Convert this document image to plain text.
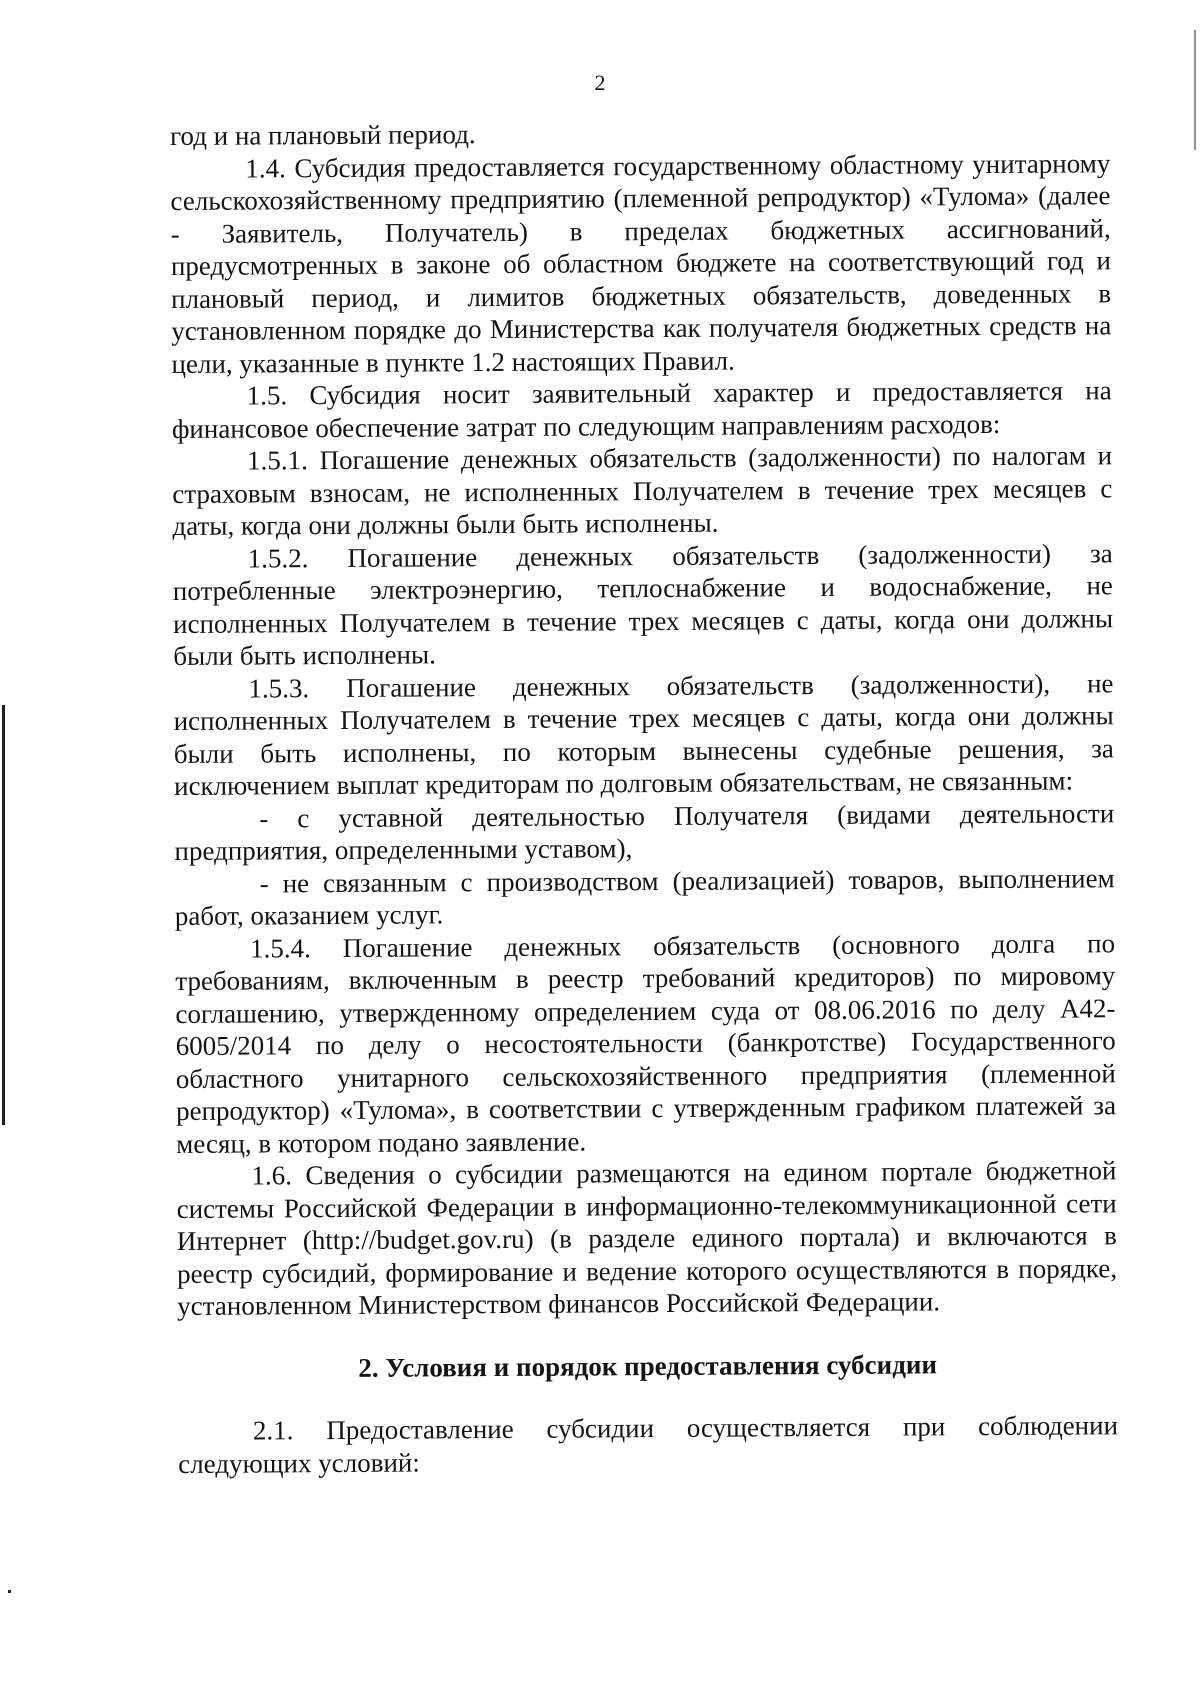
2

год и на плановый период.

1.4. Субсидия предоставляется государственному областному унитарному сельскохозяйственному предприятию (племенной репродуктор) «Тулома» (далее - Заявитель, Получатель) в пределах бюджетных ассигнований, предусмотренных в законе об областном бюджете на соответствующий год и плановый период, и лимитов бюджетных обязательств, доведенных в установленном порядке до Министерства как получателя бюджетных средств на цели, указанные в пункте 1.2 настоящих Правил.

1.5. Субсидия носит заявительный характер и предоставляется на финансовое обеспечение затрат по следующим направлениям расходов:

1.5.1. Погашение денежных обязательств (задолженности) по налогам и страховым взносам, не исполненных Получателем в течение трех месяцев с даты, когда они должны были быть исполнены.

1.5.2. Погашение денежных обязательств (задолженности) за потребленные электроэнергию, теплоснабжение и водоснабжение, не исполненных Получателем в течение трех месяцев с даты, когда они должны были быть исполнены.

1.5.3. Погашение денежных обязательств (задолженности), не исполненных Получателем в течение трех месяцев с даты, когда они должны были быть исполнены, по которым вынесены судебные решения, за исключением выплат кредиторам по долговым обязательствам, не связанным:

- с уставной деятельностью Получателя (видами деятельности предприятия, определенными уставом),

- не связанным с производством (реализацией) товаров, выполнением работ, оказанием услуг.

1.5.4. Погашение денежных обязательств (основного долга по требованиям, включенным в реестр требований кредиторов) по мировому соглашению, утвержденному определением суда от 08.06.2016 по делу А42-6005/2014 по делу о несостоятельности (банкротстве) Государственного областного унитарного сельскохозяйственного предприятия (племенной репродуктор) «Тулома», в соответствии с утвержденным графиком платежей за месяц, в котором подано заявление.

1.6. Сведения о субсидии размещаются на едином портале бюджетной системы Российской Федерации в информационно-телекоммуникационной сети Интернет (http://budget.gov.ru) (в разделе единого портала) и включаются в реестр субсидий, формирование и ведение которого осуществляются в порядке, установленном Министерством финансов Российской Федерации.

2. Условия и порядок предоставления субсидии

2.1. Предоставление субсидии осуществляется при соблюдении следующих условий:
